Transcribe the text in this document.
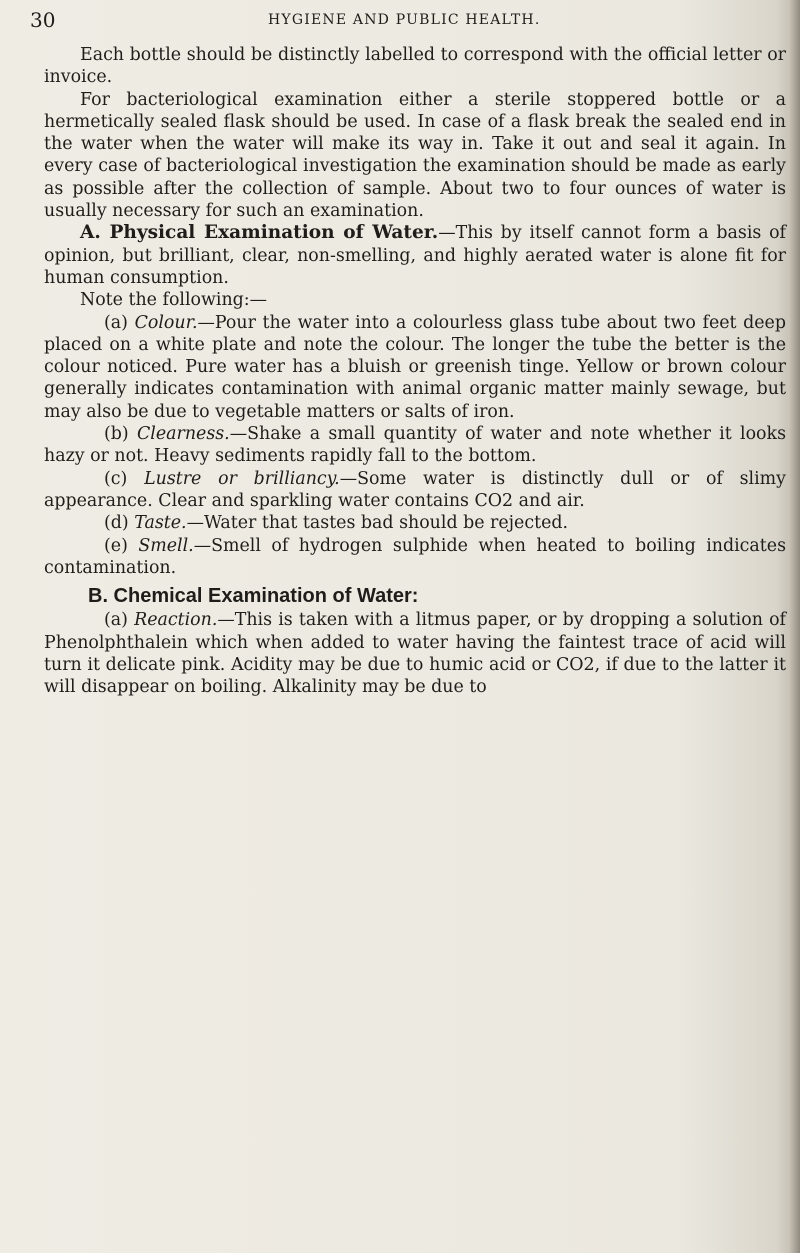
30	HYGIENE AND PUBLIC HEALTH.

Each bottle should be distinctly labelled to correspond with the official letter or invoice.

For bacteriological examination either a sterile stoppered bottle or a hermetically sealed flask should be used. In case of a flask break the sealed end in the water when the water will make its way in. Take it out and seal it again. In every case of bacteriological investigation the examination should be made as early as possible after the collection of sample. About two to four ounces of water is usually necessary for such an examination.

A. Physical Examination of Water.—This by itself cannot form a basis of opinion, but brilliant, clear, non-smelling, and highly aerated water is alone fit for human consumption.

Note the following:—

(a) Colour.—Pour the water into a colourless glass tube about two feet deep placed on a white plate and note the colour. The longer the tube the better is the colour noticed. Pure water has a bluish or greenish tinge. Yellow or brown colour generally indicates contamination with animal organic matter mainly sewage, but may also be due to vegetable matters or salts of iron.

(b) Clearness.—Shake a small quantity of water and note whether it looks hazy or not. Heavy sediments rapidly fall to the bottom.

(c) Lustre or brilliancy.—Some water is distinctly dull or of slimy appearance. Clear and sparkling water contains CO2 and air.

(d) Taste.—Water that tastes bad should be rejected.

(e) Smell.—Smell of hydrogen sulphide when heated to boiling indicates contamination.

B. Chemical Examination of Water:

(a) Reaction.—This is taken with a litmus paper, or by dropping a solution of Phenolphthalein which when added to water having the faintest trace of acid will turn it delicate pink. Acidity may be due to humic acid or CO2, if due to the latter it will disappear on boiling. Alkalinity may be due to
